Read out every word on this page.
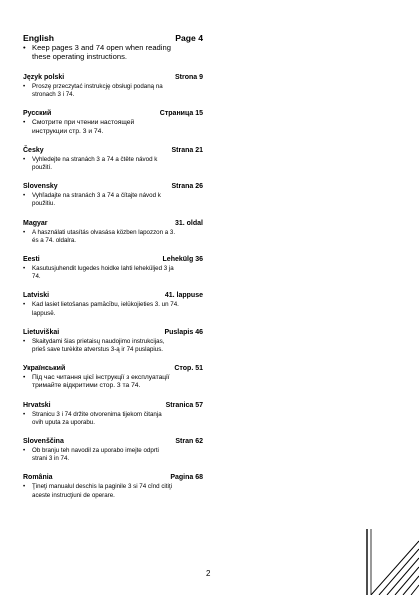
English	Page 4
• Keep pages 3 and 74 open when reading
these operating instructions.
Język polski	Strona 9
•	Proszę przeczytać instrukcję obsługi podaną na
stronach 3 i 74.
Русский	Страница 15
• Смотрите при чтении настоящей
инструкции стр. 3 и 74.
Česky	Strana 21
•	Vyhledejte na stranách 3 a 74 a čtěte návod k
použití.
Slovensky	Strana 26
•	Vyhľadajte na stranách 3 a 74 a čítajte návod k
použitiu.
Magyar	31. oldal
•	A használati utasítás olvasása közben lapozzon a 3.
és a 74. oldalra.
Eesti	Lehekülg 36
•	Kasutusjuhendit lugedes hoidke lahti leheküljed 3 ja
74.
Latviski	41. lappuse
•	Kad lasiet lietošanas pamācību, ielūkojieties 3. un 74.
lappusē.
Lietuviškai	Puslapis 46
•	Skaitydami šias prietaisų naudojimo instrukcijas,
prieš save turėkite atverstus 3-ą ir 74 puslapius.
Український	Стор. 51
• Під час читання цієї інструкції з експлуатації
тримайте відкритими стор. 3 та 74.
Hrvatski	Stranica 57
•	Stranicu 3 i 74 držite otvorenima tijekom čitanja
ovih uputa za uporabu.
Slovenščina	Stran 62
•	Ob branju teh navodil za uporabo imejte odprti
strani 3 in 74.
România	Pagina 68
•	Ţineţi manualul deschis la paginile 3 si 74 cînd citiţi
aceste instrucţiuni de operare.
2
